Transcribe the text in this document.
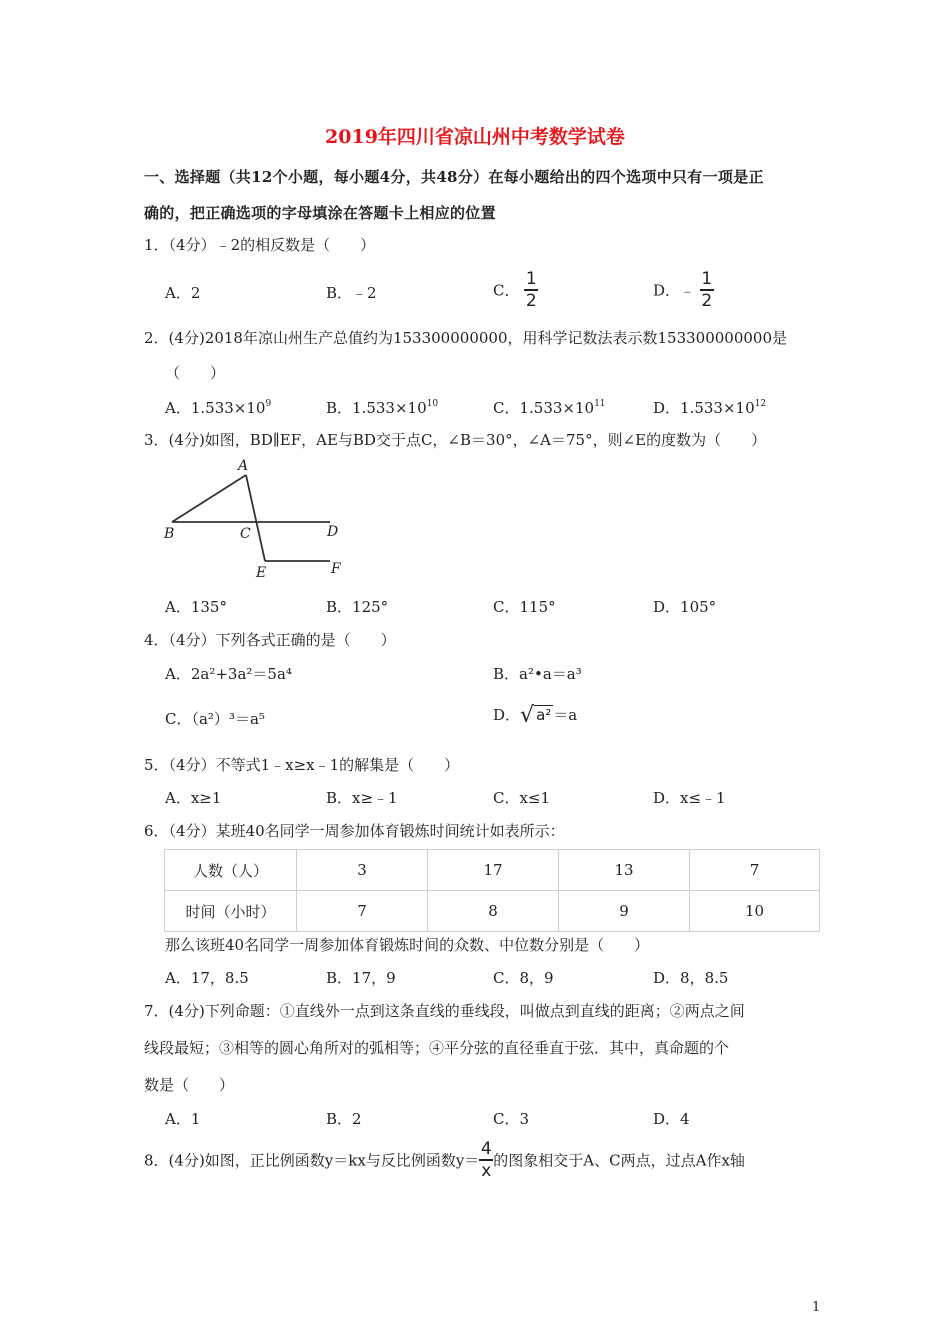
2019年四川省凉山州中考数学试卷
一、选择题（共12个小题，每小题4分，共48分）在每小题给出的四个选项中只有一项是正
确的，把正确选项的字母填涂在答题卡上相应的位置
1．（4分）﹣2的相反数是（　　）
A．2	B．﹣2	C． $\frac{1}{2}$	D．﹣ $\frac{1}{2}$
2．(4分)2018年凉山州生产总值约为153300000000，用科学记数法表示数153300000000是
（　　）
A．$1.533\times 10^9$	B．$1.533\times 10^{10}$	C．$1.533\times 10^{11}$	D．$1.533\times 10^{12}$
3．(4分)如图，BD∥EF，AE与BD交于点C，∠B＝30°，∠A＝75°，则∠E的度数为（　　）
A
B	C	D
E	F
A．135°	B．125°	C．115°	D．105°
4．（4分）下列各式正确的是（　　）
A．2a²+3a²＝5a⁴	B．a²•a＝a³
C．（a²）³＝a⁵	D．√ a² ＝a
5．（4分）不等式1﹣x≥x﹣1的解集是（　　）
A．x≥1	B．x≥﹣1	C．x≤1	D．x≤﹣1
6．（4分）某班40名同学一周参加体育锻炼时间统计如表所示：
人数（人）	3	17	13	7
时间（小时）	7	8	9	10
那么该班40名同学一周参加体育锻炼时间的众数、中位数分别是（　　）
A．17，8.5	B．17，9	C．8，9	D．8，8.5
7．(4分)下列命题：①直线外一点到这条直线的垂线段，叫做点到直线的距离；②两点之间
线段最短；③相等的圆心角所对的弧相等；④平分弦的直径垂直于弦．其中，真命题的个
数是（　　）
A．1	B．2	C．3	D．4
8．(4分)如图，正比例函数y＝kx与反比例函数$y= \frac{4}{x}$ 的图象相交于A、C两点，过点A作x轴
1
